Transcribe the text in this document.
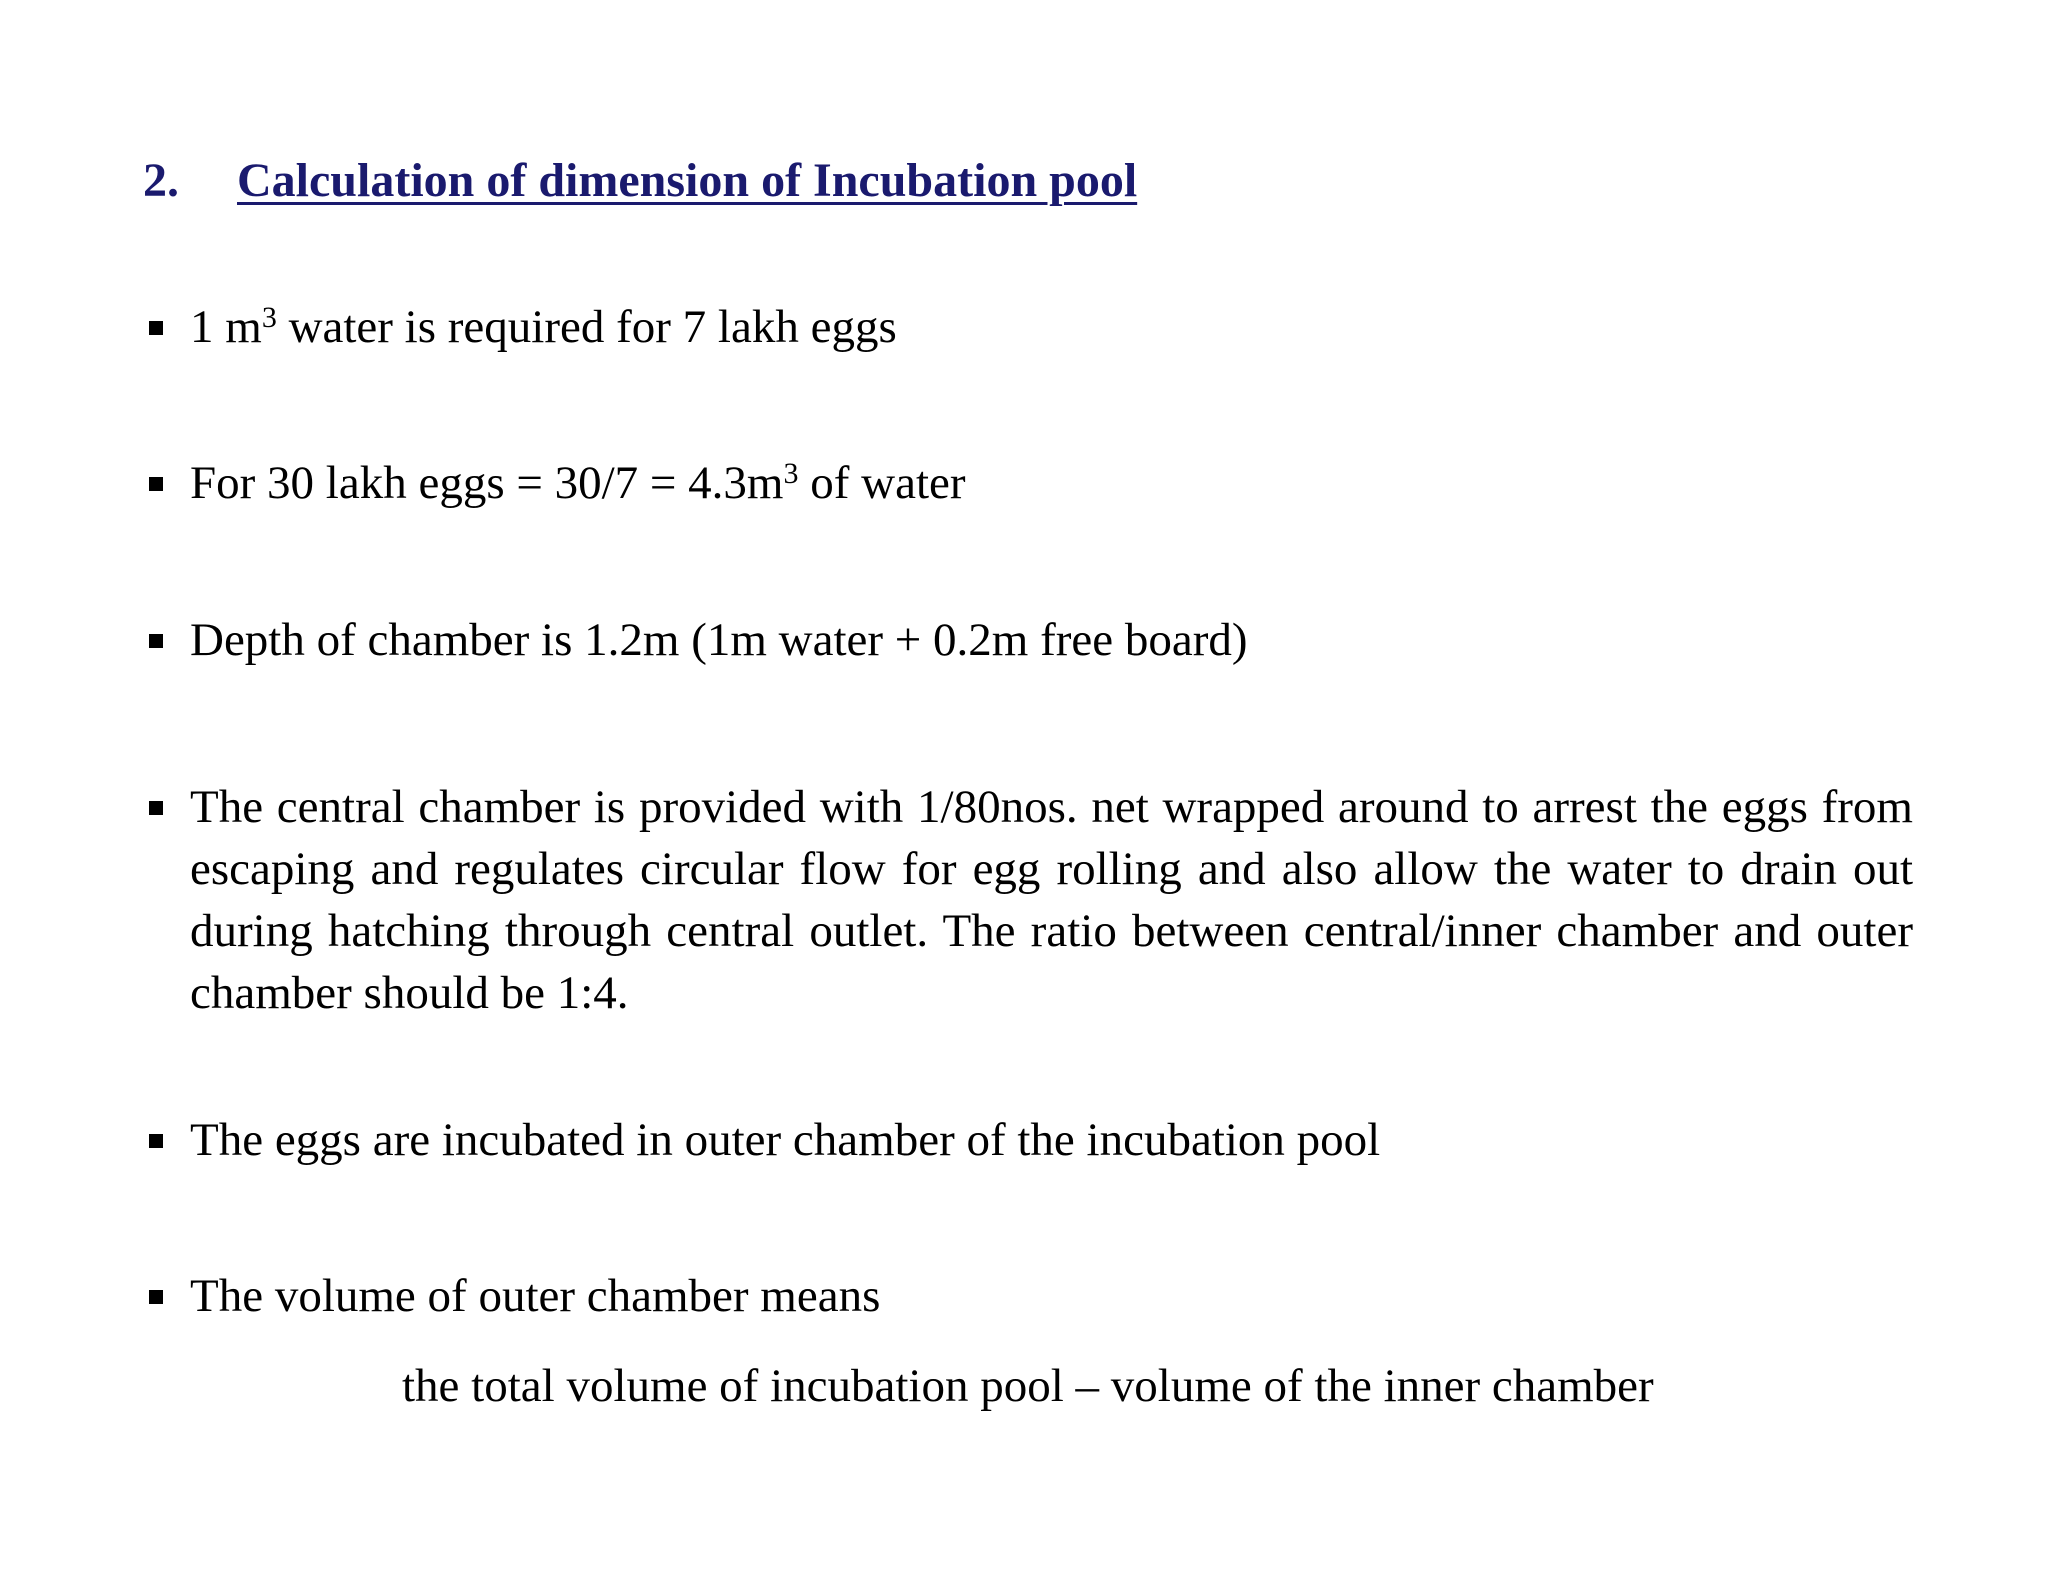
2. Calculation of dimension of Incubation pool
1 $m^3$ water is required for 7 lakh eggs
For 30 lakh eggs = $30/7 = 4.3m^3$ of water
Depth of chamber is 1.2m (1m water + 0.2m free board)
The central chamber is provided with 1/80nos. net wrapped around to arrest the eggs from escaping and regulates circular flow for egg rolling and also allow the water to drain out during hatching through central outlet. The ratio between central/inner chamber and outer chamber should be 1:4.
The eggs are incubated in outer chamber of the incubation pool
The volume of outer chamber means
the total volume of incubation pool – volume of the inner chamber
